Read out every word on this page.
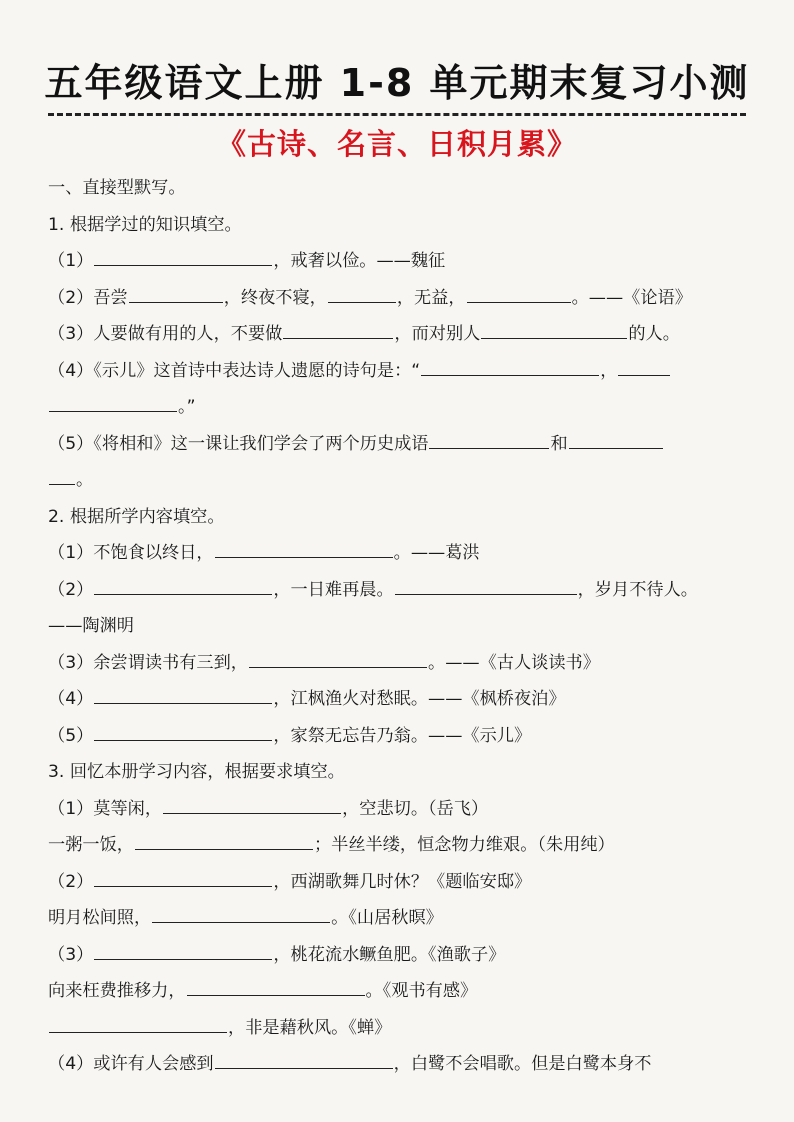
五年级语文上册 1-8 单元期末复习小测
《古诗、名言、日积月累》
一、直接型默写。
1. 根据学过的知识填空。
（1）	，戒奢以俭。——魏征
（2）吾尝	，终夜不寝，	，无益，	。——《论语》
（3）人要做有用的人，不要做	，而对别人	的人。
（4）《示儿》这首诗中表达诗人遗愿的诗句是：“	，
。”
（5）《将相和》这一课让我们学会了两个历史成语	和
。
2. 根据所学内容填空。
（1）不饱食以终日，	。——葛洪
（2）	，一日难再晨。	，岁月不待人。
——陶渊明
（3）余尝谓读书有三到，	。——《古人谈读书》
（4）	，江枫渔火对愁眠。——《枫桥夜泊》
（5）	，家祭无忘告乃翁。——《示儿》
3. 回忆本册学习内容，根据要求填空。
（1）莫等闲，	，空悲切。（岳飞）
一粥一饭，	；半丝半缕，恒念物力维艰。（朱用纯）
（2）	，西湖歌舞几时休？《题临安邸》
明月松间照，	。《山居秋暝》
（3）	，桃花流水鳜鱼肥。《渔歌子》
向来枉费推移力，	。《观书有感》
，非是藉秋风。《蝉》
（4）或许有人会感到	，白鹭不会唱歌。但是白鹭本身不
